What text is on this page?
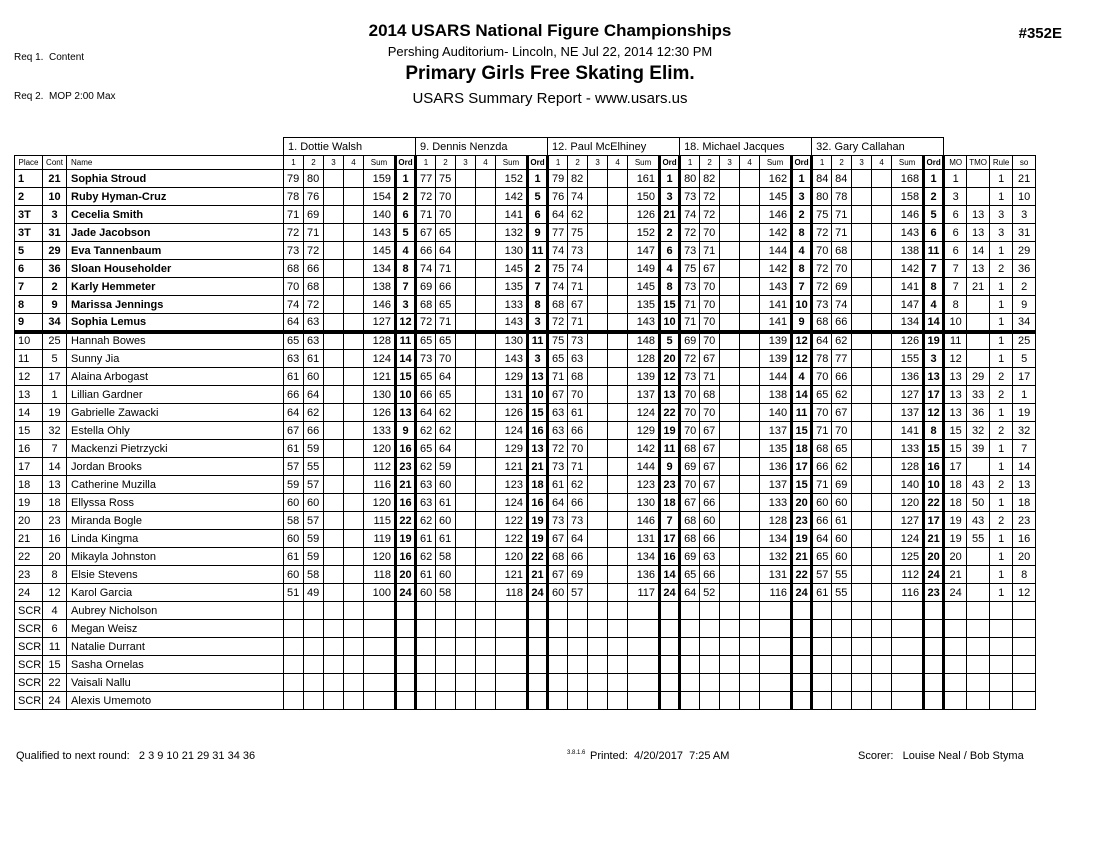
Req 1.  Content

Req 2.  MOP 2:00 Max

2014 USARS National Figure Championships
Pershing Auditorium- Lincoln, NE Jul 22, 2014 12:30 PM
Primary Girls Free Skating Elim.
USARS Summary Report - www.usars.us
#352E
			1. Dottie Walsh						9. Dennis Nenzda						12. Paul McElhiney						18. Michael Jacques						32. Gary Callahan									
Place	Cont	Name	1	2	3	4	Sum	Ord	1	2	3	4	Sum	Ord	1	2	3	4	Sum	Ord	1	2	3	4	Sum	Ord	1	2	3	4	Sum	Ord	MO	TMO	Rule	so
1	21	Sophia Stroud	79	80			159	1	77	75			152	1	79	82			161	1	80	82			162	1	84	84			168	1	1		1	21
2	10	Ruby Hyman-Cruz	78	76			154	2	72	70			142	5	76	74			150	3	73	72			145	3	80	78			158	2	3		1	10
3T	3	Cecelia Smith	71	69			140	6	71	70			141	6	64	62			126	21	74	72			146	2	75	71			146	5	6	13	3	3
3T	31	Jade Jacobson	72	71			143	5	67	65			132	9	77	75			152	2	72	70			142	8	72	71			143	6	6	13	3	31
5	29	Eva Tannenbaum	73	72			145	4	66	64			130	11	74	73			147	6	73	71			144	4	70	68			138	11	6	14	1	29
6	36	Sloan Householder	68	66			134	8	74	71			145	2	75	74			149	4	75	67			142	8	72	70			142	7	7	13	2	36
7	2	Karly Hemmeter	70	68			138	7	69	66			135	7	74	71			145	8	73	70			143	7	72	69			141	8	7	21	1	2
8	9	Marissa Jennings	74	72			146	3	68	65			133	8	68	67			135	15	71	70			141	10	73	74			147	4	8		1	9
9	34	Sophia Lemus	64	63			127	12	72	71			143	3	72	71			143	10	71	70			141	9	68	66			134	14	10		1	34
10	25	Hannah Bowes	65	63			128	11	65	65			130	11	75	73			148	5	69	70			139	12	64	62			126	19	11		1	25
11	5	Sunny Jia	63	61			124	14	73	70			143	3	65	63			128	20	72	67			139	12	78	77			155	3	12		1	5
12	17	Alaina Arbogast	61	60			121	15	65	64			129	13	71	68			139	12	73	71			144	4	70	66			136	13	13	29	2	17
13	1	Lillian Gardner	66	64			130	10	66	65			131	10	67	70			137	13	70	68			138	14	65	62			127	17	13	33	2	1
14	19	Gabrielle Zawacki	64	62			126	13	64	62			126	15	63	61			124	22	70	70			140	11	70	67			137	12	13	36	1	19
15	32	Estella Ohly	67	66			133	9	62	62			124	16	63	66			129	19	70	67			137	15	71	70			141	8	15	32	2	32
16	7	Mackenzi Pietrzycki	61	59			120	16	65	64			129	13	72	70			142	11	68	67			135	18	68	65			133	15	15	39	1	7
17	14	Jordan Brooks	57	55			112	23	62	59			121	21	73	71			144	9	69	67			136	17	66	62			128	16	17		1	14
18	13	Catherine Muzilla	59	57			116	21	63	60			123	18	61	62			123	23	70	67			137	15	71	69			140	10	18	43	2	13
19	18	Ellyssa Ross	60	60			120	16	63	61			124	16	64	66			130	18	67	66			133	20	60	60			120	22	18	50	1	18
20	23	Miranda Bogle	58	57			115	22	62	60			122	19	73	73			146	7	68	60			128	23	66	61			127	17	19	43	2	23
21	16	Linda Kingma	60	59			119	19	61	61			122	19	67	64			131	17	68	66			134	19	64	60			124	21	19	55	1	16
22	20	Mikayla Johnston	61	59			120	16	62	58			120	22	68	66			134	16	69	63			132	21	65	60			125	20	20		1	20
23	8	Elsie Stevens	60	58			118	20	61	60			121	21	67	69			136	14	65	66			131	22	57	55			112	24	21		1	8
24	12	Karol Garcia	51	49			100	24	60	58			118	24	60	57			117	24	64	52			116	24	61	55			116	23	24		1	12
SCR	4	Aubrey Nicholson																																		
SCR	6	Megan Weisz																																		
SCR	11	Natalie Durrant																																		
SCR	15	Sasha Ornelas																																		
SCR	22	Vaisali Nallu																																		
SCR	24	Alexis Umemoto																																		
Qualified to next round:   2 3 9 10 21 29 31 34 36	3.8.1.6 Printed:  4/20/2017  7:25 AM	Scorer:   Louise Neal / Bob Styma
